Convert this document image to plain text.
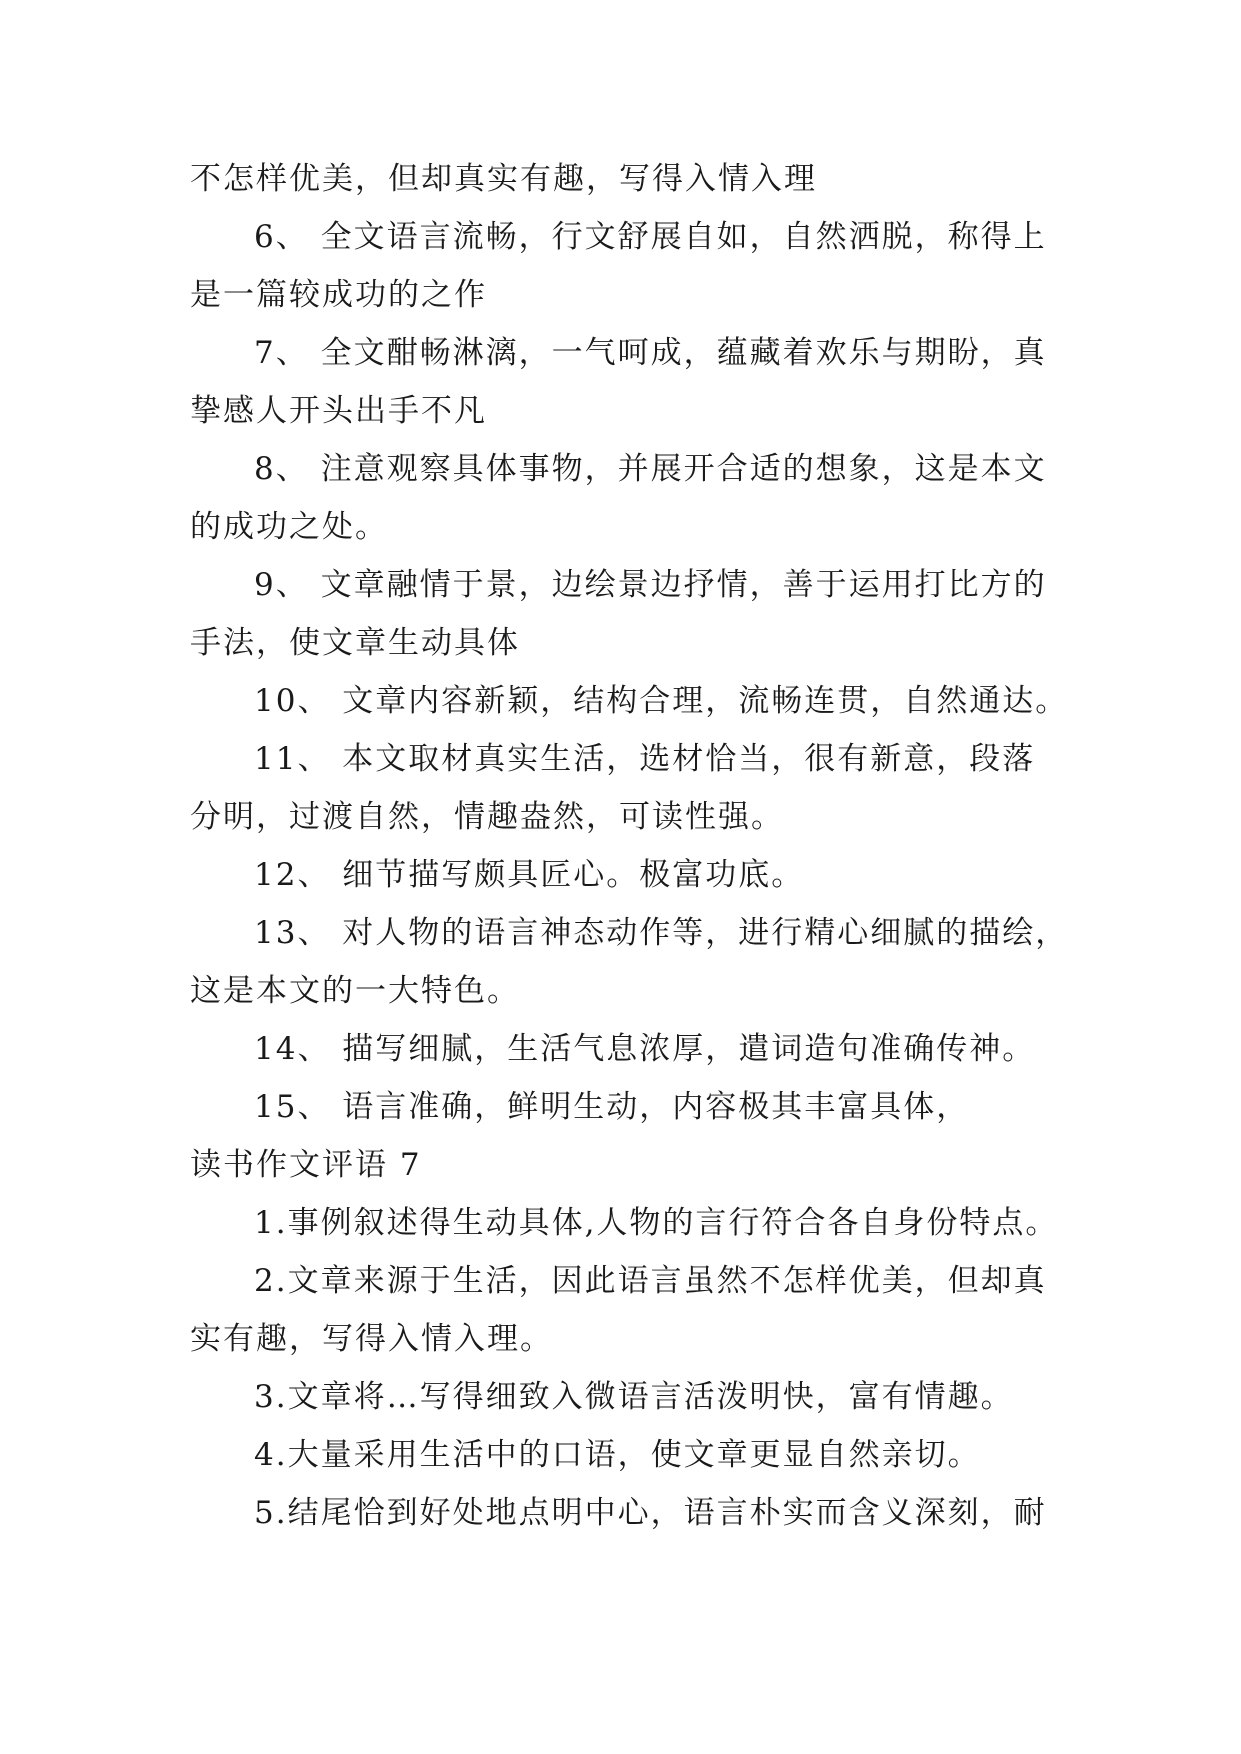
不怎样优美，但却真实有趣，写得入情入理
6、 全文语言流畅，行文舒展自如，自然洒脱，称得上
是一篇较成功的之作
7、 全文酣畅淋漓，一气呵成，蕴藏着欢乐与期盼，真
挚感人开头出手不凡
8、 注意观察具体事物，并展开合适的想象，这是本文
的成功之处。
9、 文章融情于景，边绘景边抒情，善于运用打比方的
手法，使文章生动具体
10、 文章内容新颖，结构合理，流畅连贯，自然通达。
11、 本文取材真实生活，选材恰当，很有新意，段落
分明，过渡自然，情趣盎然，可读性强。
12、 细节描写颇具匠心。极富功底。
13、 对人物的语言神态动作等，进行精心细腻的描绘，
这是本文的一大特色。
14、 描写细腻，生活气息浓厚，遣词造句准确传神。
15、 语言准确，鲜明生动，内容极其丰富具体，
读书作文评语 7
1.事例叙述得生动具体,人物的言行符合各自身份特点。
2.文章来源于生活，因此语言虽然不怎样优美，但却真
实有趣，写得入情入理。
3.文章将…写得细致入微语言活泼明快，富有情趣。
4.大量采用生活中的口语，使文章更显自然亲切。
5.结尾恰到好处地点明中心，语言朴实而含义深刻，耐
